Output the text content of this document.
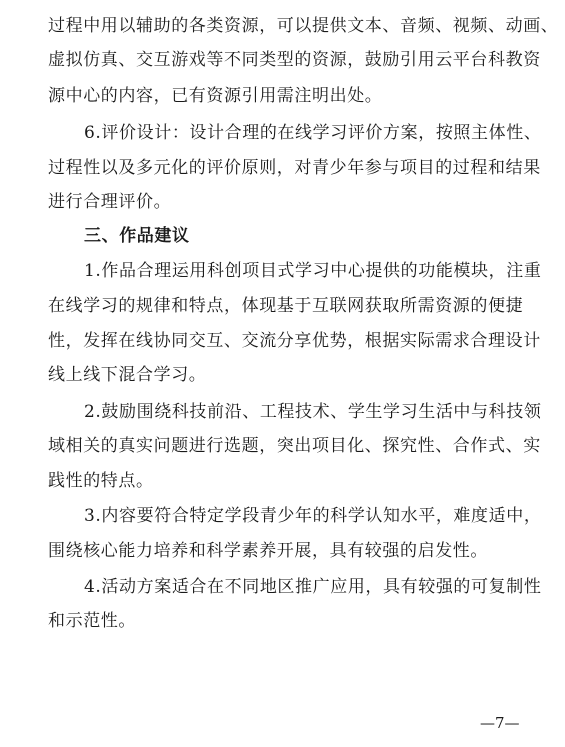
过程中用以辅助的各类资源，可以提供文本、音频、视频、动画、
虚拟仿真、交互游戏等不同类型的资源，鼓励引用云平台科教资
源中心的内容，已有资源引用需注明出处。
6.评价设计：设计合理的在线学习评价方案，按照主体性、
过程性以及多元化的评价原则，对青少年参与项目的过程和结果
进行合理评价。
三、作品建议
1.作品合理运用科创项目式学习中心提供的功能模块，注重
在线学习的规律和特点，体现基于互联网获取所需资源的便捷
性，发挥在线协同交互、交流分享优势，根据实际需求合理设计
线上线下混合学习。
2.鼓励围绕科技前沿、工程技术、学生学习生活中与科技领
域相关的真实问题进行选题，突出项目化、探究性、合作式、实
践性的特点。
3.内容要符合特定学段青少年的科学认知水平，难度适中，
围绕核心能力培养和科学素养开展，具有较强的启发性。
4.活动方案适合在不同地区推广应用，具有较强的可复制性
和示范性。
—7—
